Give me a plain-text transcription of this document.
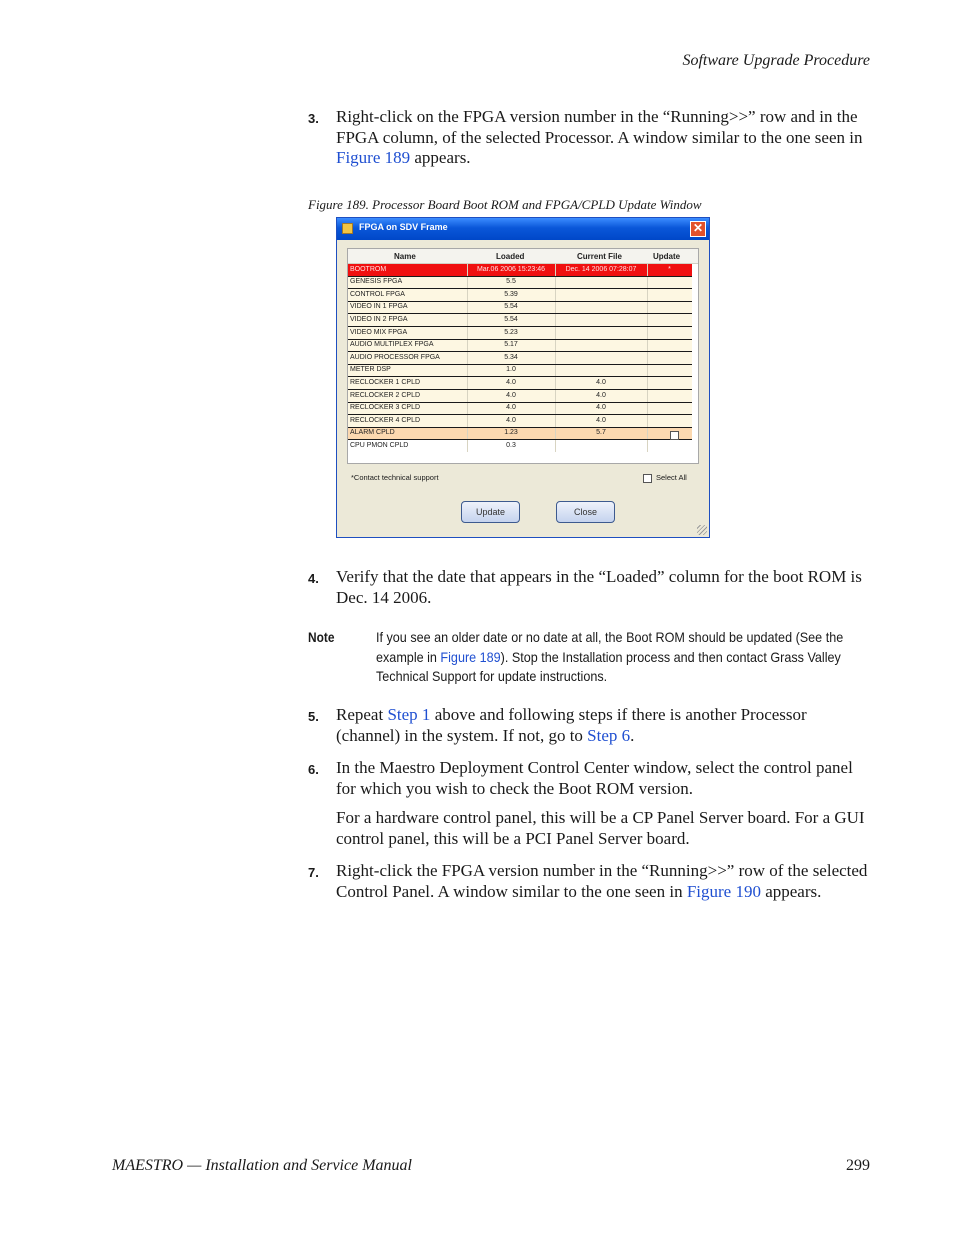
Software Upgrade Procedure
3. Right-click on the FPGA version number in the “Running>>” row and in the FPGA column, of the selected Processor. A window similar to the one seen in Figure 189 appears.
Figure 189. Processor Board Boot ROM and FPGA/CPLD Update Window
FPGA on SDV Frame	✕
Name	Loaded	Current File	Update
BOOTROM	Mar.06 2006 15:23:46	Dec. 14 2006 07:28:07	*
GENESIS FPGA	5.5
CONTROL FPGA	5.39
VIDEO IN 1 FPGA	5.54
VIDEO IN 2 FPGA	5.54
VIDEO MIX FPGA	5.23
AUDIO MULTIPLEX FPGA	5.17
AUDIO PROCESSOR FPGA	5.34
METER DSP	1.0
RECLOCKER 1 CPLD	4.0	4.0
RECLOCKER 2 CPLD	4.0	4.0
RECLOCKER 3 CPLD	4.0	4.0
RECLOCKER 4 CPLD	4.0	4.0
ALARM CPLD	1.23	5.7
CPU PMON CPLD	0.3
*Contact technical support	Select All
Update	Close
4. Verify that the date that appears in the “Loaded” column for the boot ROM is Dec. 14 2006.
Note	If you see an older date or no date at all, the Boot ROM should be updated (See the example in Figure 189). Stop the Installation process and then contact Grass Valley Technical Support for update instructions.
5. Repeat Step 1 above and following steps if there is another Processor (channel) in the system. If not, go to Step 6.
6. In the Maestro Deployment Control Center window, select the control panel for which you wish to check the Boot ROM version.
For a hardware control panel, this will be a CP Panel Server board. For a GUI control panel, this will be a PCI Panel Server board.
7. Right-click the FPGA version number in the “Running>>” row of the selected Control Panel. A window similar to the one seen in Figure 190 appears.
MAESTRO — Installation and Service Manual	299
